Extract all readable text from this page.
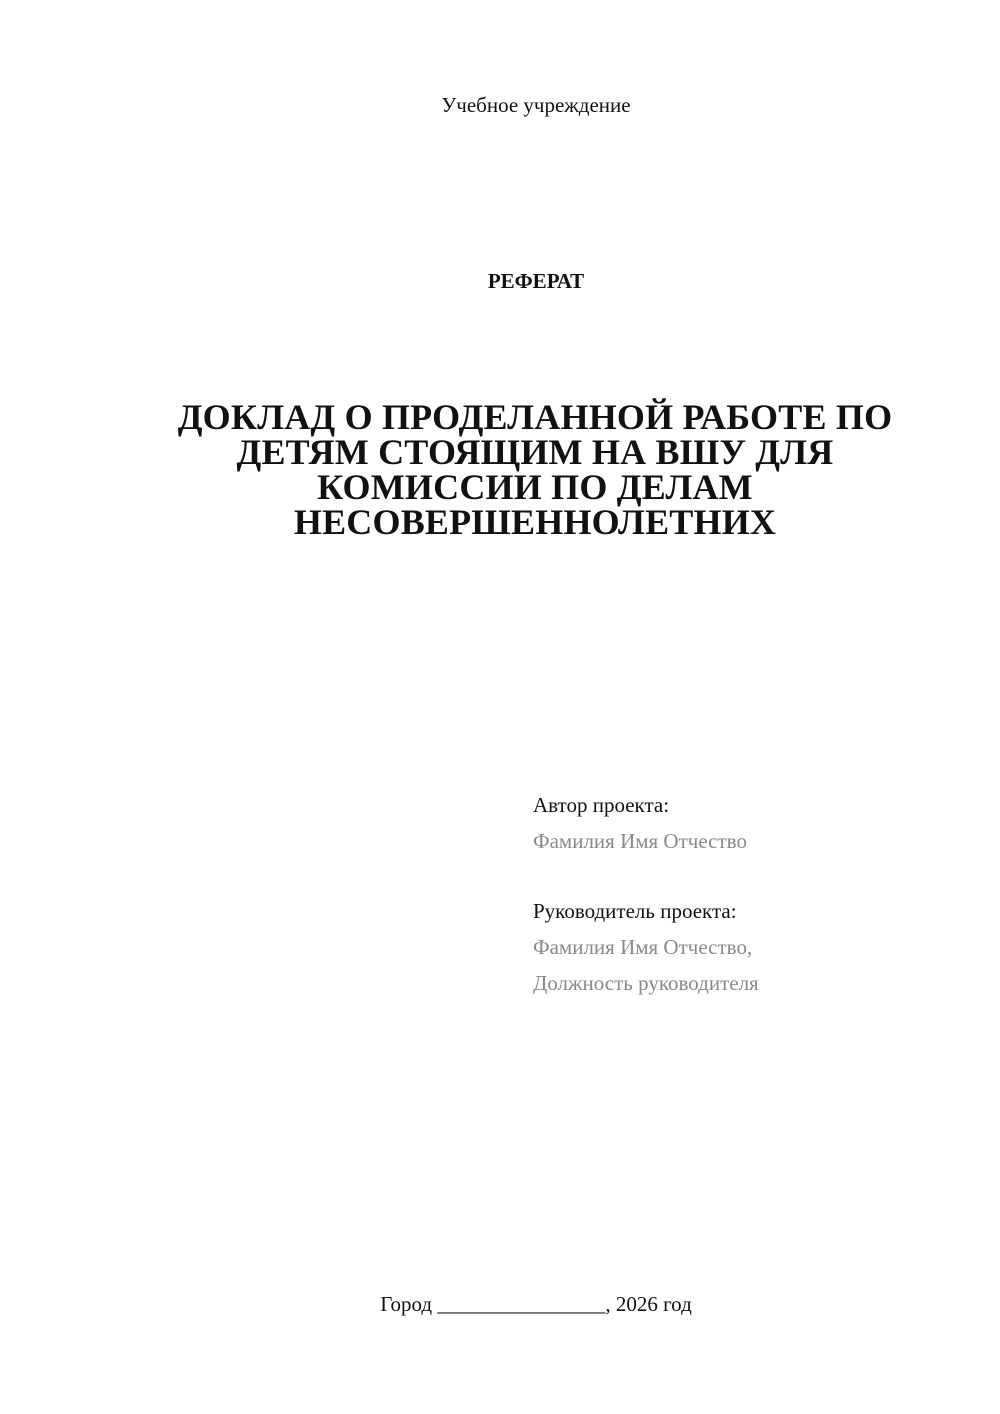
Учебное учреждение
РЕФЕРАТ
ДОКЛАД О ПРОДЕЛАННОЙ РАБОТЕ ПО ДЕТЯМ СТОЯЩИМ НА ВШУ ДЛЯ КОМИССИИ ПО ДЕЛАМ НЕСОВЕРШЕННОЛЕТНИХ
Автор проекта:
Фамилия Имя Отчество
Руководитель проекта:
Фамилия Имя Отчество,
Должность руководителя
Город ________________, 2026 год
